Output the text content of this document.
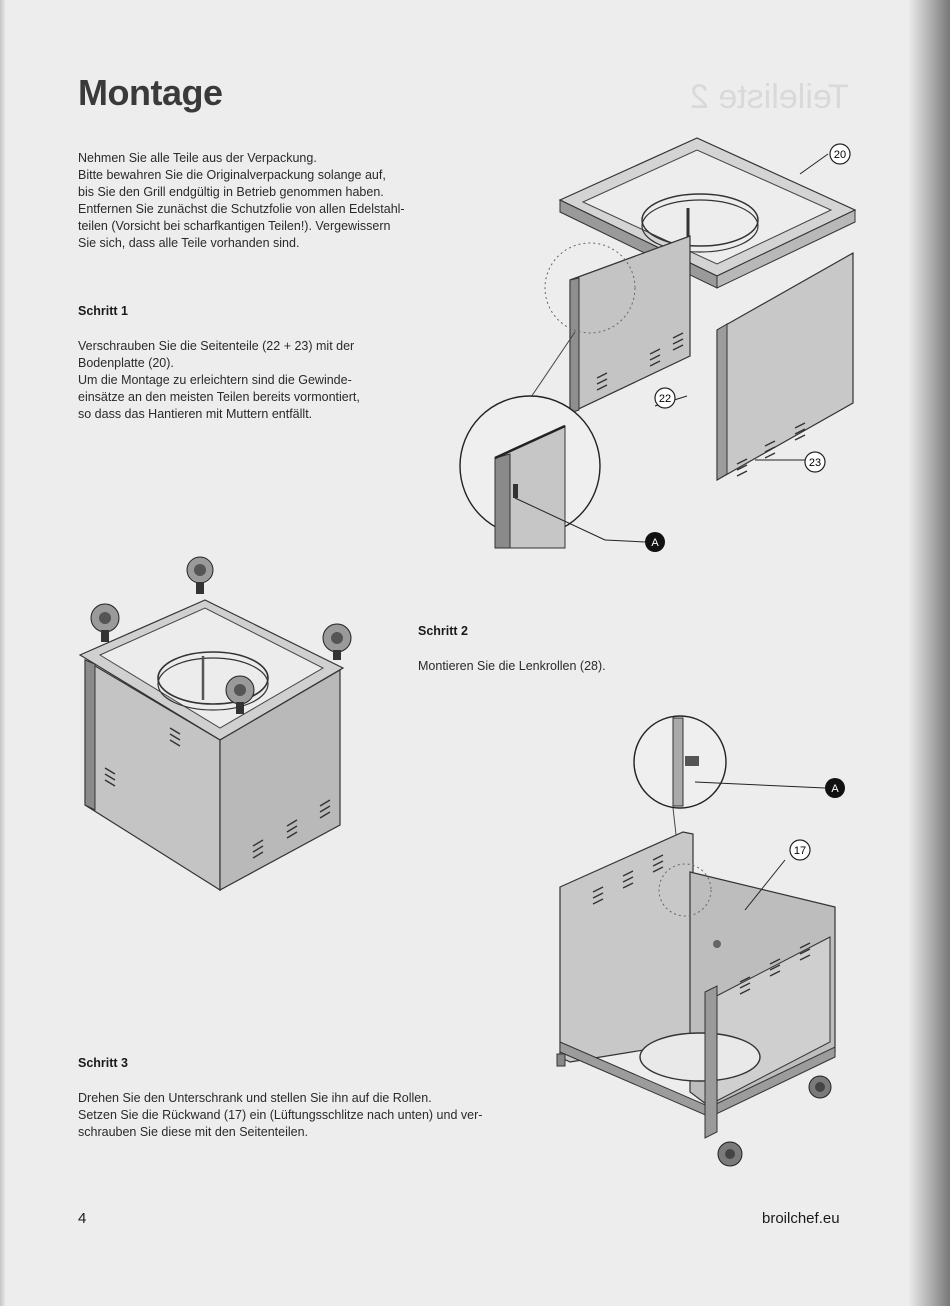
Teileliste 2
Montage
Nehmen Sie alle Teile aus der Verpackung.
Bitte bewahren Sie die Originalverpackung solange auf,
bis Sie den Grill endgültig in Betrieb genommen haben.
Entfernen Sie zunächst die Schutzfolie von allen Edelstahl-
teilen (Vorsicht bei scharfkantigen Teilen!). Vergewissern
Sie sich, dass alle Teile vorhanden sind.
Schritt 1
Verschrauben Sie die Seitenteile (22 + 23) mit der
Bodenplatte (20).
Um die Montage zu erleichtern sind die Gewinde-
einsätze an den meisten Teilen bereits vormontiert,
so dass das Hantieren mit Muttern entfällt.
Schritt 2
Montieren Sie die Lenkrollen (28).
Schritt 3
Drehen Sie den Unterschrank und stellen Sie ihn auf die Rollen.
Setzen Sie die Rückwand (17) ein (Lüftungsschlitze nach unten) und ver-
schrauben Sie diese mit den Seitenteilen.
20
22
23
A
A
17
4	broilchef.eu
